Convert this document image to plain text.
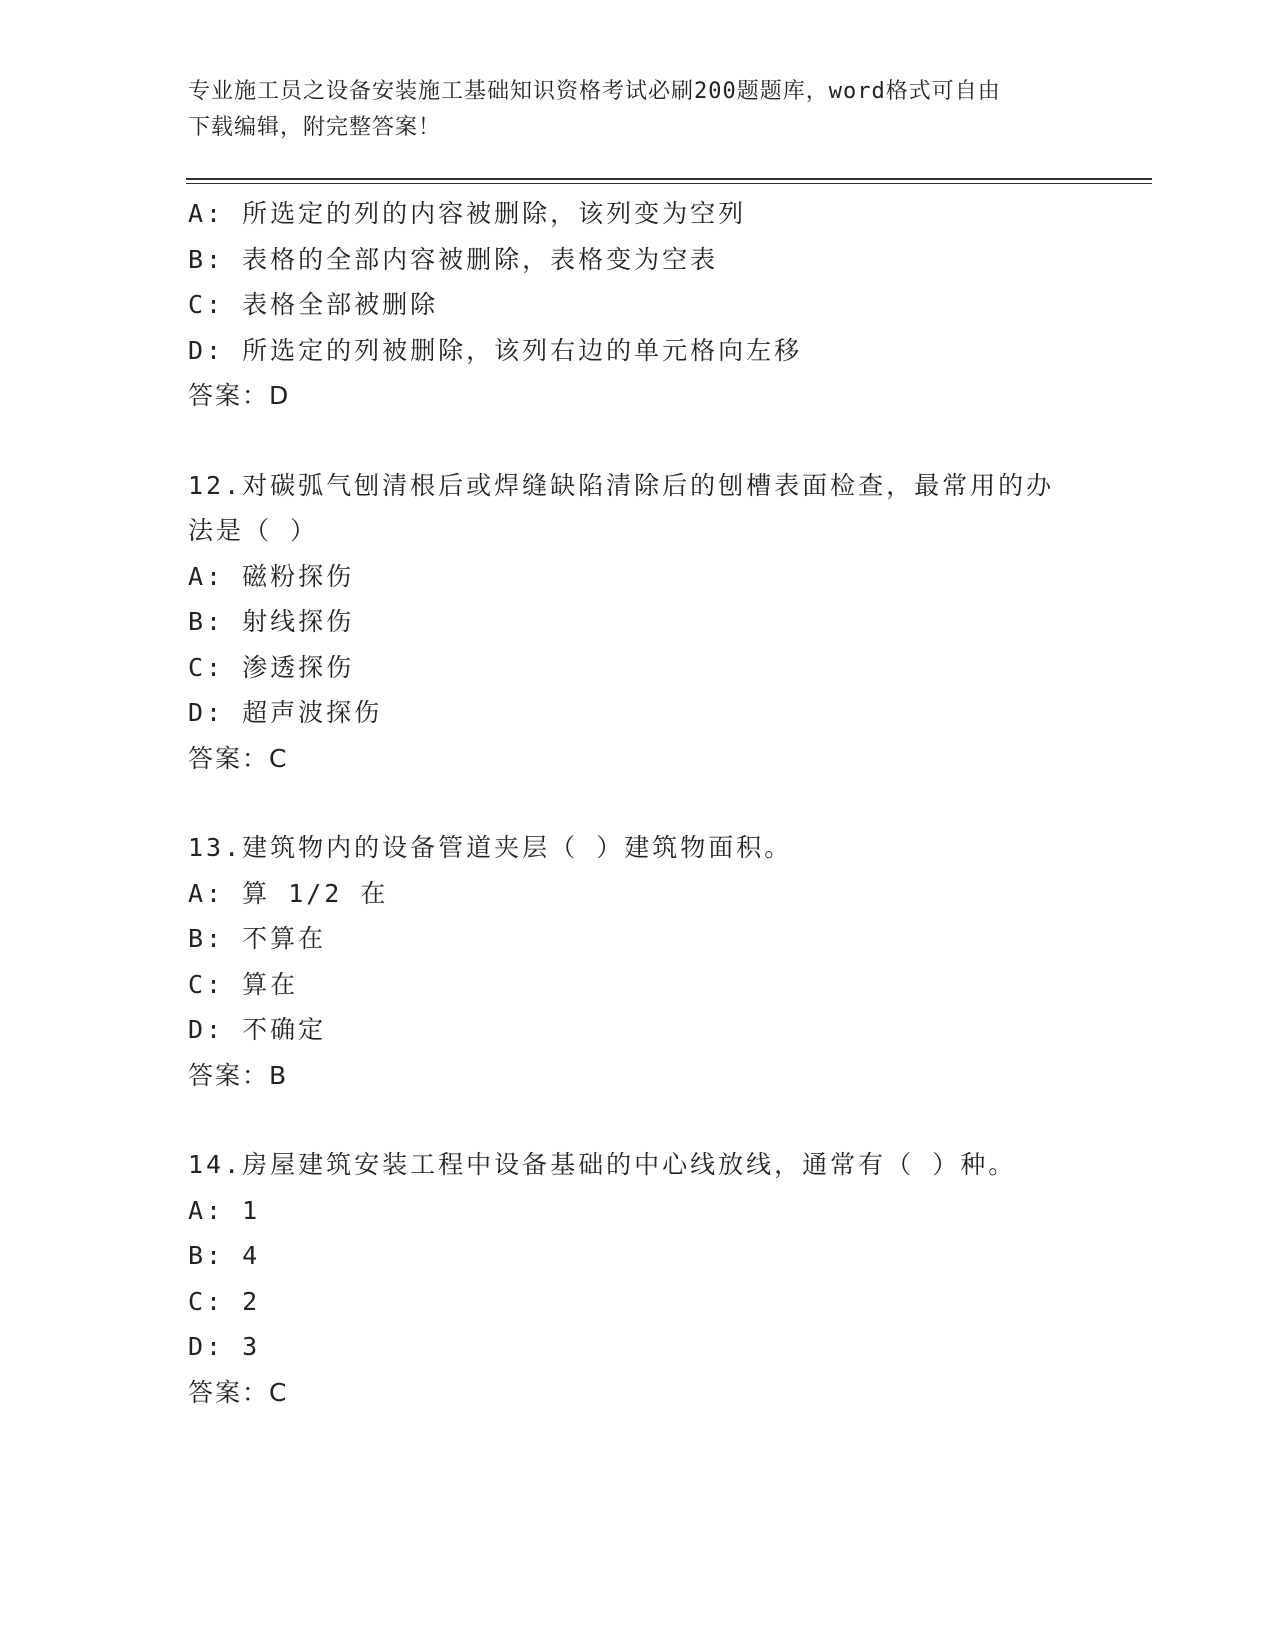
专业施工员之设备安装施工基础知识资格考试必刷200题题库，word格式可自由
下载编辑，附完整答案！
A: 所选定的列的内容被删除，该列变为空列
B: 表格的全部内容被删除，表格变为空表
C: 表格全部被删除
D: 所选定的列被删除，该列右边的单元格向左移
答案：D
12.对碳弧气刨清根后或焊缝缺陷清除后的刨槽表面检查，最常用的办
法是（ ）
A: 磁粉探伤
B: 射线探伤
C: 渗透探伤
D: 超声波探伤
答案：C
13.建筑物内的设备管道夹层（ ）建筑物面积。
A: 算 1/2 在
B: 不算在
C: 算在
D: 不确定
答案：B
14.房屋建筑安装工程中设备基础的中心线放线，通常有（ ）种。
A: 1
B: 4
C: 2
D: 3
答案：C
